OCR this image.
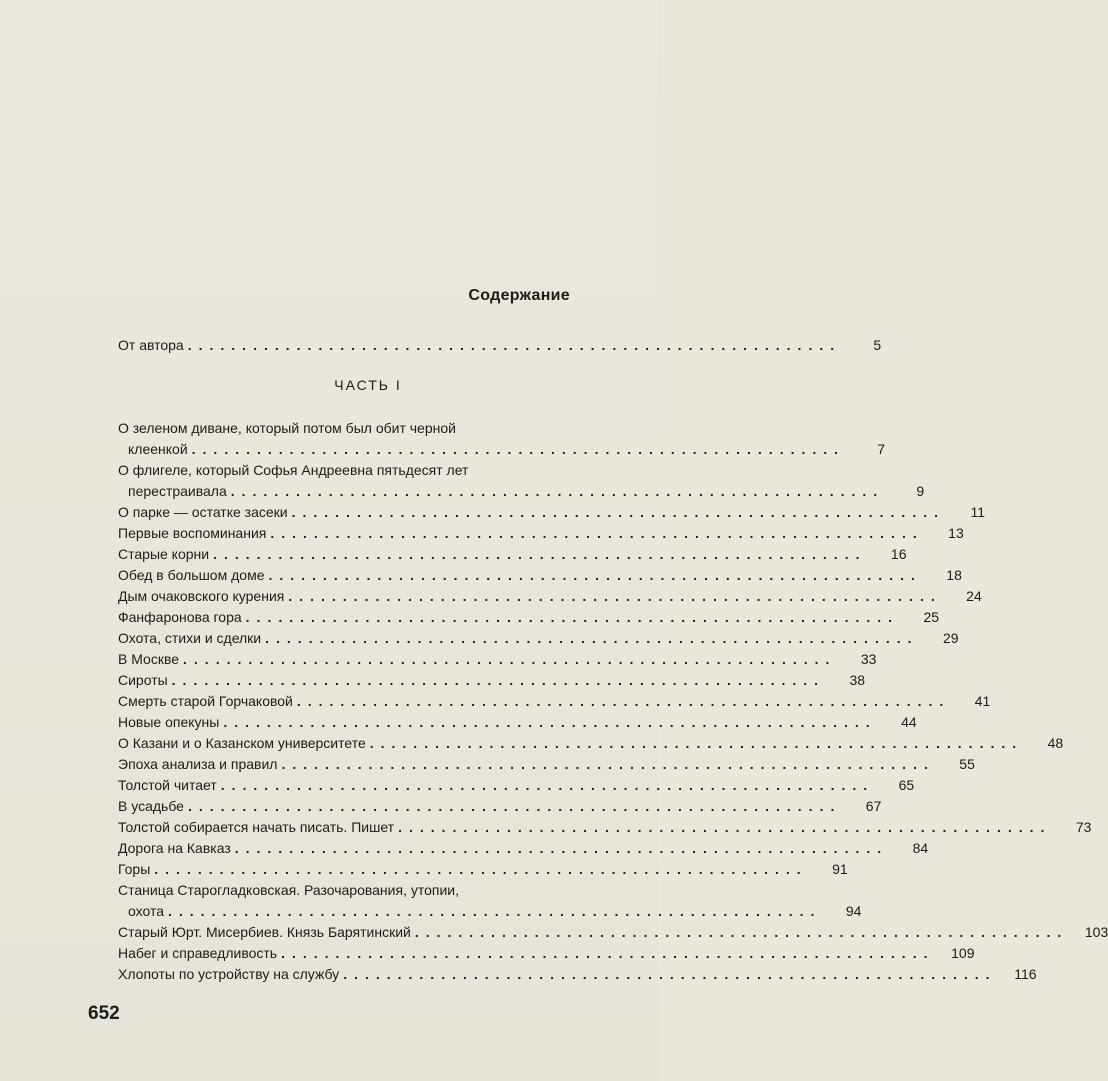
Содержание
От автора ............................................................	5
ЧАСТЬ I
О зеленом диване, который потом был обит черной
клеенкой ............................................................	7
О флигеле, который Софья Андреевна пятьдесят лет
перестраивала ............................................................	9
О парке — остатке засеки ............................................................	11
Первые воспоминания ............................................................	13
Старые корни ............................................................	16
Обед в большом доме ............................................................	18
Дым очаковского курения ............................................................	24
Фанфаронова гора ............................................................	25
Охота, стихи и сделки ............................................................	29
В Москве ............................................................	33
Сироты ............................................................	38
Смерть старой Горчаковой ............................................................	41
Новые опекуны ............................................................	44
О Казани и о Казанском университете ............................................................	48
Эпоха анализа и правил ............................................................	55
Толстой читает ............................................................	65
В усадьбе ............................................................	67
Толстой собирается начать писать. Пишет ............................................................	73
Дорога на Кавказ ............................................................	84
Горы ............................................................	91
Станица Старогладковская. Разочарования, утопии,
охота ............................................................	94
Старый Юрт. Мисербиев. Князь Барятинский ............................................................	103
Набег и справедливость ............................................................	109
Хлопоты по устройству на службу ............................................................	116
652
